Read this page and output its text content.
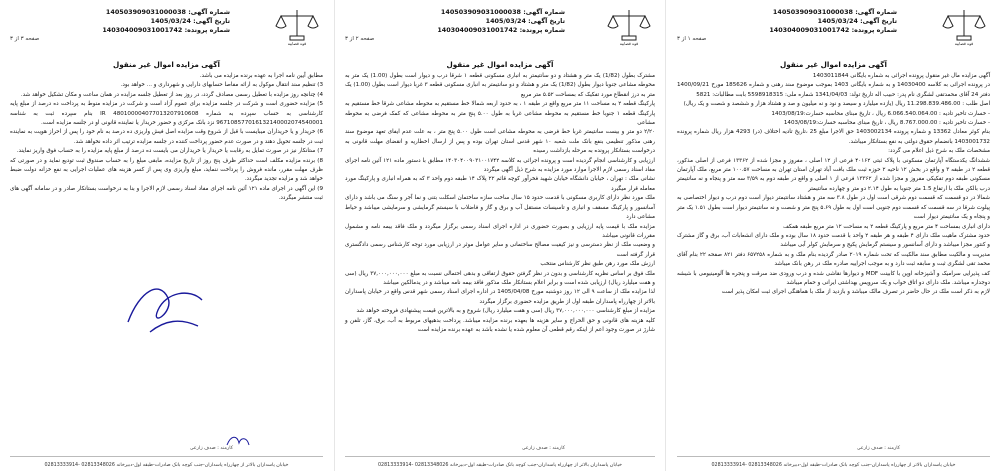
قوه قضاییه
شماره آگهی: 140503909031000038
تاریخ آگهی: 1405/03/24
شماره پرونده: 140304009031001742
صفحه ۱ از ۳
آگهی مزایده اموال غیر منقول

آگهی مزایده مال غیر منقول پرونده اجرائی به شماره بایگانی 1403011844

در پرونده اجرائی به کلاسه 14030400 و به شماره بایگانی 1403 بموجب موضوع سند رهنی و شماره 185626 مورخ 1400/09/21 دفتر 24 آقای محمدتقی لشگری نام پدر: حبیب اله تاریخ تولد: 1341/04/03 شماره ملی: 5598918315 بابت مطالبات: 5821

اصل طلب : 11.298.839.486.00 ریال (یازده میلیارد و سیصد و نود و نه میلیون و صد و هشتاد هزار و ششصد و شصت و یک ریال)

- خسارت تاخیر تادیه : 6.066.540.064.00 ریال ، تاریخ مبنای محاسبه خسارت:1403/08/19

- خسارت تاخیر تادیه : 8.767.000.00 ریال ، تاریخ مبنای محاسبه خسارت:1403/08/19

بنام کوثر معادل 13362 و شماره پرونده 1403002134 حق الاجرا مبلغ 25 ،تاریخ تادیه اختلاف (در) 4293 هزار ریال شماره پرونده 1403001732 بانضمام حقوق دولتی به نفع بستانکار میباشد.

مشخصات ملک به شرح ذیل اعلام می گردد:

ششدانگ یکدستگاه آپارتمان مسکونی با پلاک ثبتی ۴۰۱۶۲ فرعی از ۱۲ اصلی ، مفروز و مجزا شده از ۱۳۳۶۲ فرعی از اصلی مذکور، قطعه ۲ در طبقه ۳ و واقع در بخش ۱۲ ناحیه ۲ حوزه ثبت ملک بافت آباد تهران استان تهران به مساحت ۱۰۰.۵۷ متر مربع، ملک آپارتمان مسکونی طبقه دوم تفکیکی مفروز و مجزا شده از ۱۳۳۶۲ فرعی از ۱ اصلی و واقع در طبقه دوم به ۳/۵۹ سه متر و پنجاه و نه سانتیمتر درب بالکن ملک با ارتفاع 1.5 متر جنوبا به طول ۲.۱۴ دو متر و چهارده سانتیمتر

شمالا در دو قسمت که قسمت دوم شرقی است اول در طول ۳.۸ سه متر و هشتاد سانتیمتر دیوار است دوم درب و دیوار اختصاصی به پیلوت شرقا در سه قسمت که قسمت دوم جنوبی است اول به طول ۵.۶۹ پنج متر و شصت و نه سانتیمتر دیوار است بطول ۱.۵۱ یک متر و پنجاه و یک سانتیمتر دیوار است

دارای انباری بمساحت ۴ متر مربع و پارکینگ قطعه ۲ به مساحت ۱۲ متر مربع طبقه همکف

حدود مشترک ماهیت ملک دارای ۴ طبقه و هر طبقه ۲ واحد با قدمت حدود ۱۸ سال بوده و ملک دارای انشعابات آب، برق و گاز مشترک و کنتور مجزا میباشد و دارای آسانسور و سیستم گرمایش پکیج و سرمایش کولر آبی میباشد

مدیریت و مالکیت مطابق سند مالکیت که تحت شماره ۲۰۱۹ صادر گردیده بنام ملک و به شماره ۶۵۷۲۵۸ دفتر ۸۲۱ صفحه ۲۲ بنام آقای محمد تقی لشگری ثبت و سابقه ثبت دارد و به موجب اجراییه صادره ملک در رهن بانک میباشد

کف پذیرایی سرامیک و آشپزخانه اوپن با کابینت MDF و دیوارها نقاشی شده و درب ورودی ضد سرقت و پنجره ها آلومینیومی با شیشه دوجداره میباشد. ملک دارای دو اتاق خواب و یک سرویس بهداشتی ایرانی و حمام میباشد

لازم به ذکر است ملک در حال حاضر در تصرف مالک میباشد و بازدید از ملک با هماهنگی اجرای ثبت امکان پذیر است

کارمند : صدف زارعی
خیابان پاسداران بالاتر از چهارراه پاسداران-جنب کوچه بانک صادرات-طبقه اول-دبیرخانه 02813348026 -02813333914
قوه قضاییه
شماره آگهی: 140503909031000038
تاریخ آگهی: 1405/03/24
شماره پرونده: 140304009031001742
صفحه ۲ از ۳
آگهی مزایده اموال غیر منقول

مشترک بطول (1/82) یک متر و هشتاد و دو سانتیمتر به انباری مسکونی قطعه ۱ شرقا درب و دیوار است بطول (1.00) یک متر به محوطه مشاعی جنوبا دیوار بطول (1/82) یک متر و هشتاد و دو سانتیمتر به انباری مسکونی قطعه ۳ غربا دیوار است بطول (1.00) یک متر به درز انقطاع مورد تفکیک که بمساحت ۵.۵۲ متر مربع

پارکینگ قطعه ۲ به مساحت ۱۱ متر مربع واقع در طبقه ۱ ، به حدود اربعه شمالا خط مستقیم به محوطه مشاعی شرقا خط مستقیم به پارکینگ قطعه ۱ جنوبا خط مستقیم به محوطه مشاعی غربا به طول ۵.۰۰ پنج متر به محوطه مشاعی که کمک فرضی به محوطه مشاعی

۲/۲۰ دو متر و بیست سانتیمتر غربا خط فرضی به محوطه مشاعی است طول ۵.۰۰ پنج متر ، به علت عدم ایفای تعهد موضوع سند رهنی مذکور تنظیمی بنفع بانک ملت شعبه ۱۰ شهر قدس استان تهران بوده و پس از ارسال اخطاریه و انقضای مهلت قانونی به درخواست بستانکار پرونده به مرحله بازداشت رسیده

ارزیابی و کارشناسی انجام گردیده است و پرونده اجرائی به کلاسه ۱۴۰۳۰۴۰۰۹۰۳۱۰۰۱۷۴۲ مطابق با دستور ماده ۱۲۱ آئین نامه اجرای مفاد اسناد رسمی لازم الاجرا موارد مورد مزایده به شرح ذیل آگهی میگردد

نشانی ملک : تهران ، خیابان دانشگاه خیابان شهید فخرآور کوچه قائم ۲۲ پلاک ۱۴ طبقه دوم واحد ۳ که به همراه انباری و پارکینگ مورد معامله قرار میگیرد

ملک مورد نظر دارای کاربری مسکونی با قدمت حدود ۱۵ سال ساخت سازه ساختمان اسکلت بتنی و نما آجر و سنگ می باشد و دارای آسانسور و پارکینگ مسقف و انباری و تاسیسات مستقل آب و برق و گاز و فاضلاب با سیستم گرمایشی و سرمایشی میباشد و حیاط مشاعی دارد

مزایده ملک با قیمت پایه ارزیابی و بصورت حضوری در اداره اجرای اسناد رسمی برگزار میگردد و ملک فاقد بیمه نامه و مشمول مقررات قانونی میباشد

و وضعیت ملک از نظر دسترسی و نیز کیفیت مصالح ساختمانی و سایر عوامل موثر در ارزیابی مورد توجه کارشناس رسمی دادگستری قرار گرفته است

ارزش ملک مورد رهن طبق نظر کارشناس منتخب

ملک فوق بر اساس نظریه کارشناسی و بدون در نظر گرفتن حقوق ارتفاقی و بدهی احتمالی نسبت به مبلغ ۳۷,۰۰۰,۰۰۰,۰۰۰ ریال (سی و هفت میلیارد ریال) ارزیابی شده است و برابر اعلام بستانکار ملک مذکور فاقد بیمه نامه میباشد و در یدمالکین میباشد

لذا مزایده ملک از ساعت ۹ الی ۱۲ روز دوشنبه مورخ 1405/04/08 در اداره اجرای اسناد رسمی شهر قدس واقع در خیابان پاسداران بالاتر از چهارراه پاسداران طبقه اول از طریق مزایده حضوری برگزار میگردد

مزایده از مبلغ کارشناسی ۳۷,۰۰۰,۰۰۰,۰۰۰ ریال (سی و هفت میلیارد ریال) شروع و به بالاترین قیمت پیشنهادی فروخته خواهد شد

کلیه هزینه های قانونی و حق الحراج و سایر هزینه ها بعهده برنده مزایده میباشد. پرداخت بدهیهای مربوط به آب، برق، گاز، تلفن و شارژ در صورت وجود اعم از اینکه رقم قطعی آن معلوم شده یا نشده باشد به عهده برنده مزایده است

کارمند : صدف زارعی
خیابان پاسداران بالاتر از چهارراه پاسداران-جنب کوچه بانک صادرات-طبقه اول-دبیرخانه 02813348026 -02813333914
قوه قضاییه
شماره آگهی: 140503909031000038
تاریخ آگهی: 1405/03/24
شماره پرونده: 140304009031001742
صفحه ۳ از ۳
آگهی مزایده اموال غیر منقول

مطابق آیین نامه اجرا به عهده برنده مزایده می باشد.

3) تنظیم سند انتقال موکول به ارائه مفاصا حسابهای دارایی و شهرداری و ... خواهد بود.

4) چنانچه روز مزایده با تعطیل رسمی مصادف گردد، در روز بعد از تعطیل جلسه مزایده در همان ساعت و مکان تشکیل خواهد شد.

5) مزایده حضوری است و شرکت در جلسه مزایده برای عموم آزاد است و شرکت در مزایده منوط به پرداخت ده درصد از مبلغ پایه کارشناسی به حساب سپرده به شماره IR 480100004077013207910608 بنام سپرده ثبت به شناسه 967108577016132140002074540001 نزد بانک مرکزی و حضور خریدار یا نماینده قانونی او در جلسه مزایده است.

6) خریدار و یا خریداران میبایست با قبل از شروع وقت مزایده اصل فیش واریزی ده درصد به نام خود را پس از احراز هویت به نماینده ثبت در جلسه تحویل دهند و در صورت عدم حضور پرداخت کننده در جلسه مزایده ترتیب اثر داده نخواهد شد.

7) ستانکار نیز در صورت تمایل به رقابت یا خریدار یا خریداران می بایست ده درصد از مبلغ پایه مزایده را به حساب فوق واریز نمایند.

8) برنده مزایده مکلف است حداکثر ظرف پنج روز از تاریخ مزایده، مابقی مبلغ را به حساب صندوق ثبت تودیع نماید و در صورتی که ظرف مهلت مقرر، مانده فروش را پرداخت ننماید، مبلغ واریزی وی پس از کسر هزینه های عملیات اجرایی به نفع خزانه دولت ضبط خواهد شد و مزایده تجدید میگردد.

9) این آگهی در اجرای ماده ۱۲۱ آئین نامه اجرای مفاد اسناد رسمی لازم الاجرا و بنا به درخواست بستانکار صادر و در سامانه آگهی های ثبت منتشر میگردد.

کارمند : صدف زارعی
خیابان پاسداران بالاتر از چهارراه پاسداران-جنب کوچه بانک صادرات-طبقه اول-دبیرخانه 02813348026 -02813333914
